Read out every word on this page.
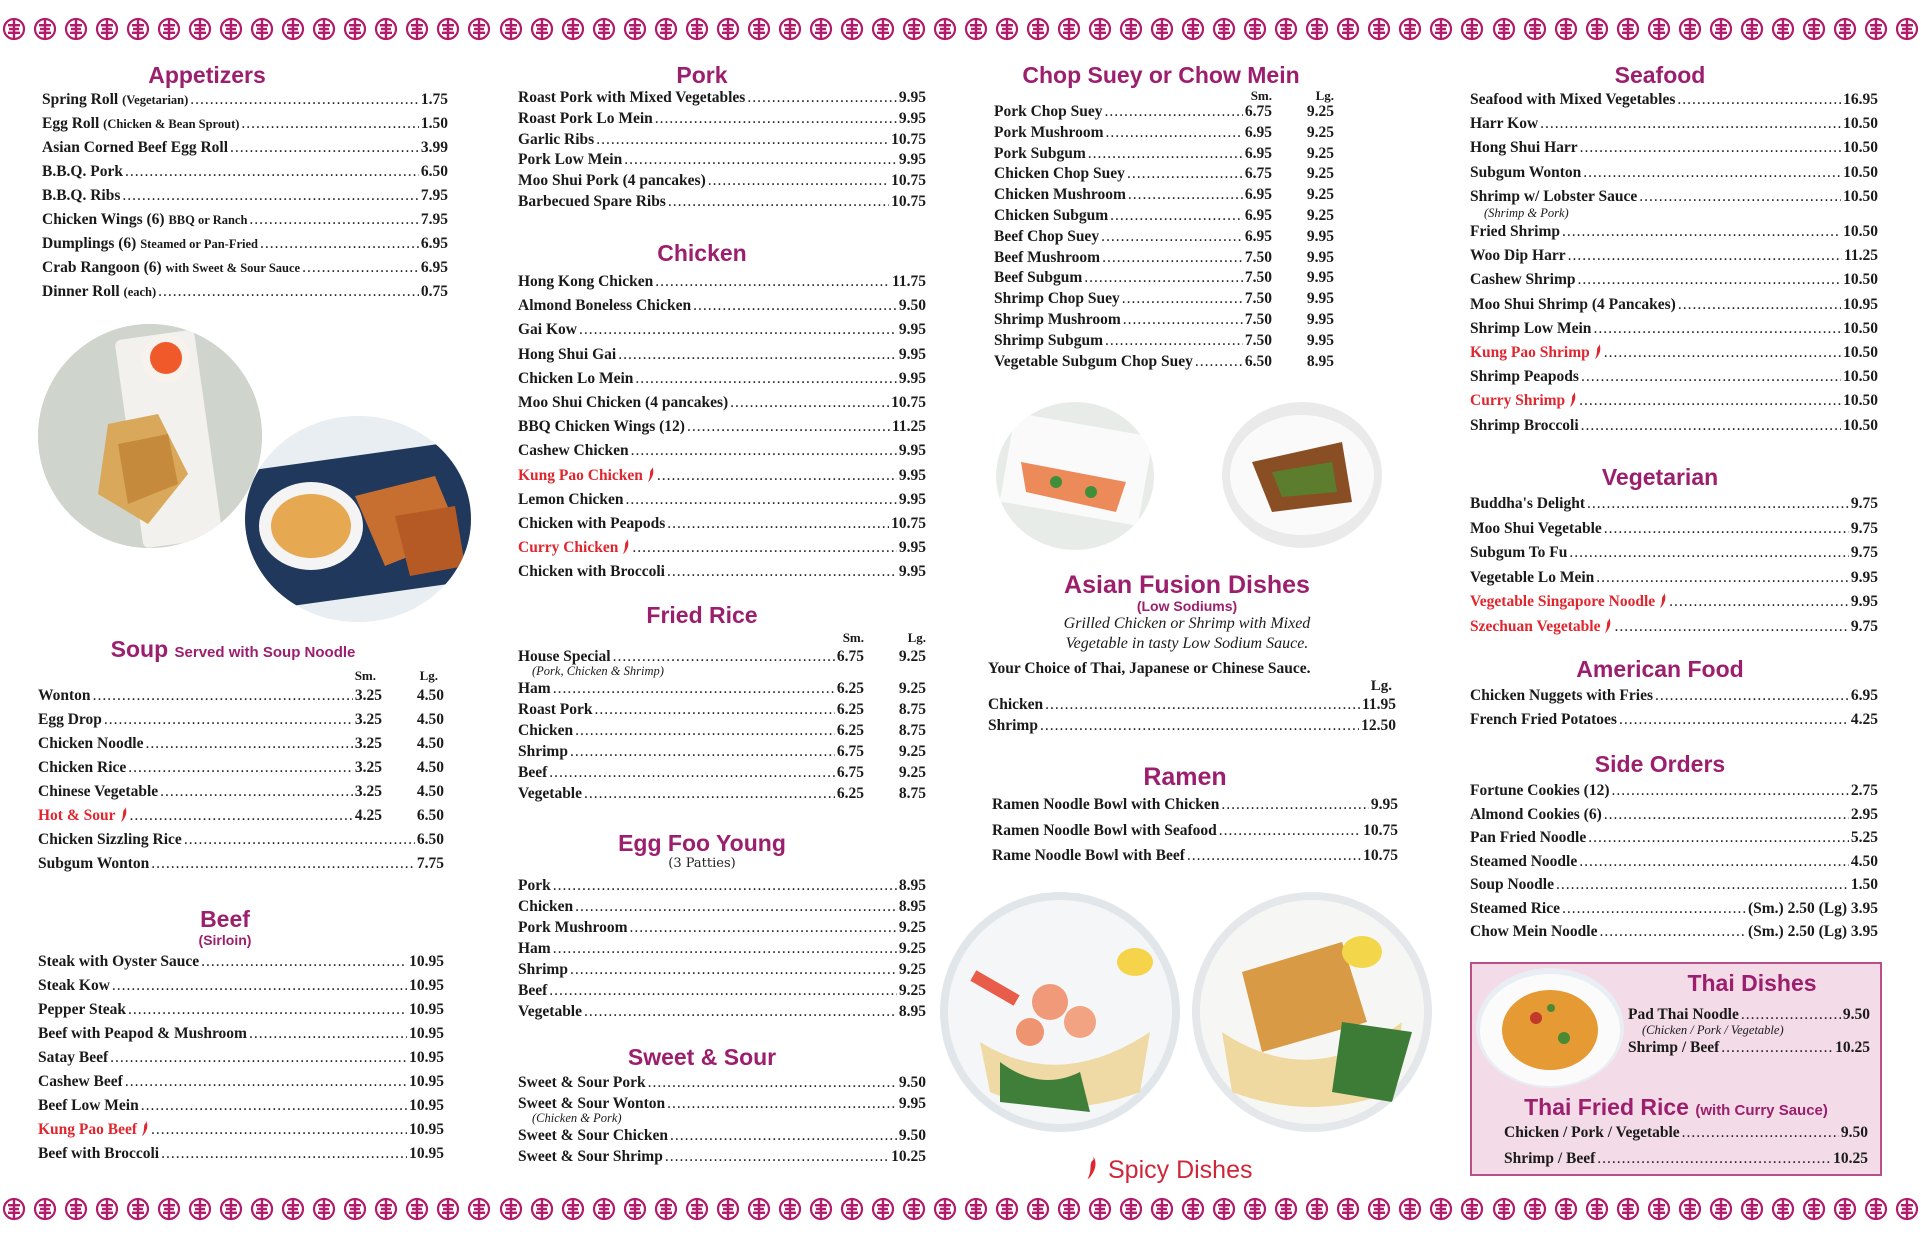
Appetizers
Spring Roll (Vegetarian) .....	1.75
Egg Roll (Chicken & Bean Sprout) .....	1.50
Asian Corned Beef Egg Roll .....	3.99
B.B.Q. Pork .....	6.50
B.B.Q. Ribs .....	7.95
Chicken Wings (6) BBQ or Ranch .....	7.95
Dumplings (6) Steamed or Pan-Fried .....	6.95
Crab Rangoon (6) with Sweet & Sour Sauce .....	6.95
Dinner Roll (each) .....	0.75
Soup Served with Soup Noodle
Sm.	Lg.
Wonton .....	3.25	4.50
Egg Drop .....	3.25	4.50
Chicken Noodle .....	3.25	4.50
Chicken Rice .....	3.25	4.50
Chinese Vegetable .....	3.25	4.50
Hot & Sour .....	4.25	6.50
Chicken Sizzling Rice .....	6.50
Subgum Wonton .....	7.75
Beef
(Sirloin)
Steak with Oyster Sauce .....	10.95
Steak Kow .....	10.95
Pepper Steak .....	10.95
Beef with Peapod & Mushroom .....	10.95
Satay Beef .....	10.95
Cashew Beef .....	10.95
Beef Low Mein .....	10.95
Kung Pao Beef .....	10.95
Beef with Broccoli .....	10.95
Pork
Roast Pork with Mixed Vegetables .....	9.95
Roast Pork Lo Mein .....	9.95
Garlic Ribs .....	10.75
Pork Low Mein .....	9.95
Moo Shui Pork (4 pancakes) .....	10.75
Barbecued Spare Ribs .....	10.75
Chicken
Hong Kong Chicken .....	11.75
Almond Boneless Chicken .....	9.50
Gai Kow .....	9.95
Hong Shui Gai .....	9.95
Chicken Lo Mein .....	9.95
Moo Shui Chicken (4 pancakes) .....	10.75
BBQ Chicken Wings (12) .....	11.25
Cashew Chicken .....	9.95
Kung Pao Chicken .....	9.95
Lemon Chicken .....	9.95
Chicken with Peapods .....	10.75
Curry Chicken .....	9.95
Chicken with Broccoli .....	9.95
Fried Rice
Sm.	Lg.
House Special .....	6.75	9.25
(Pork, Chicken & Shrimp)
Ham .....	6.25	9.25
Roast Pork .....	6.25	8.75
Chicken .....	6.25	8.75
Shrimp .....	6.75	9.25
Beef .....	6.75	9.25
Vegetable .....	6.25	8.75
Egg Foo Young
(3 Patties)
Pork .....	8.95
Chicken .....	8.95
Pork Mushroom .....	9.25
Ham .....	9.25
Shrimp .....	9.25
Beef .....	9.25
Vegetable .....	8.95
Sweet & Sour
Sweet & Sour Pork .....	9.50
Sweet & Sour Wonton .....	9.95
(Chicken & Pork)
Sweet & Sour Chicken .....	9.50
Sweet & Sour Shrimp .....	10.25
Chop Suey or Chow Mein
Sm.	Lg.
Pork Chop Suey .....	6.75	9.25
Pork Mushroom .....	6.95	9.25
Pork Subgum .....	6.95	9.25
Chicken Chop Suey .....	6.75	9.25
Chicken Mushroom .....	6.95	9.25
Chicken Subgum .....	6.95	9.25
Beef Chop Suey .....	6.95	9.95
Beef Mushroom .....	7.50	9.95
Beef Subgum .....	7.50	9.95
Shrimp Chop Suey .....	7.50	9.95
Shrimp Mushroom .....	7.50	9.95
Shrimp Subgum .....	7.50	9.95
Vegetable Subgum Chop Suey .....	6.50	8.95
Asian Fusion Dishes
(Low Sodiums)
Grilled Chicken or Shrimp with Mixed
Vegetable in tasty Low Sodium Sauce.
Your Choice of Thai, Japanese or Chinese Sauce.
Lg.
Chicken .....	11.95
Shrimp .....	12.50
Ramen
Ramen Noodle Bowl with Chicken .....	9.95
Ramen Noodle Bowl with Seafood .....	10.75
Rame Noodle Bowl with Beef .....	10.75
Spicy Dishes
Seafood
Seafood with Mixed Vegetables .....	16.95
Harr Kow .....	10.50
Hong Shui Harr .....	10.50
Subgum Wonton .....	10.50
Shrimp w/ Lobster Sauce .....	10.50
(Shrimp & Pork)
Fried Shrimp .....	10.50
Woo Dip Harr .....	11.25
Cashew Shrimp .....	10.50
Moo Shui Shrimp (4 Pancakes) .....	10.95
Shrimp Low Mein .....	10.50
Kung Pao Shrimp .....	10.50
Shrimp Peapods .....	10.50
Curry Shrimp .....	10.50
Shrimp Broccoli .....	10.50
Vegetarian
Buddha's Delight .....	9.75
Moo Shui Vegetable .....	9.75
Subgum To Fu .....	9.75
Vegetable Lo Mein .....	9.95
Vegetable Singapore Noodle .....	9.95
Szechuan Vegetable .....	9.75
American Food
Chicken Nuggets with Fries .....	6.95
French Fried Potatoes .....	4.25
Side Orders
Fortune Cookies (12) .....	2.75
Almond Cookies (6) .....	2.95
Pan Fried Noodle .....	5.25
Steamed Noodle .....	4.50
Soup Noodle .....	1.50
Steamed Rice .....	(Sm.) 2.50 (Lg) 3.95
Chow Mein Noodle .....	(Sm.) 2.50 (Lg) 3.95
Thai Dishes
Pad Thai Noodle .....	9.50
(Chicken / Pork / Vegetable)
Shrimp / Beef .....	10.25
Thai Fried Rice (with Curry Sauce)
Chicken / Pork / Vegetable .....	9.50
Shrimp / Beef .....	10.25
